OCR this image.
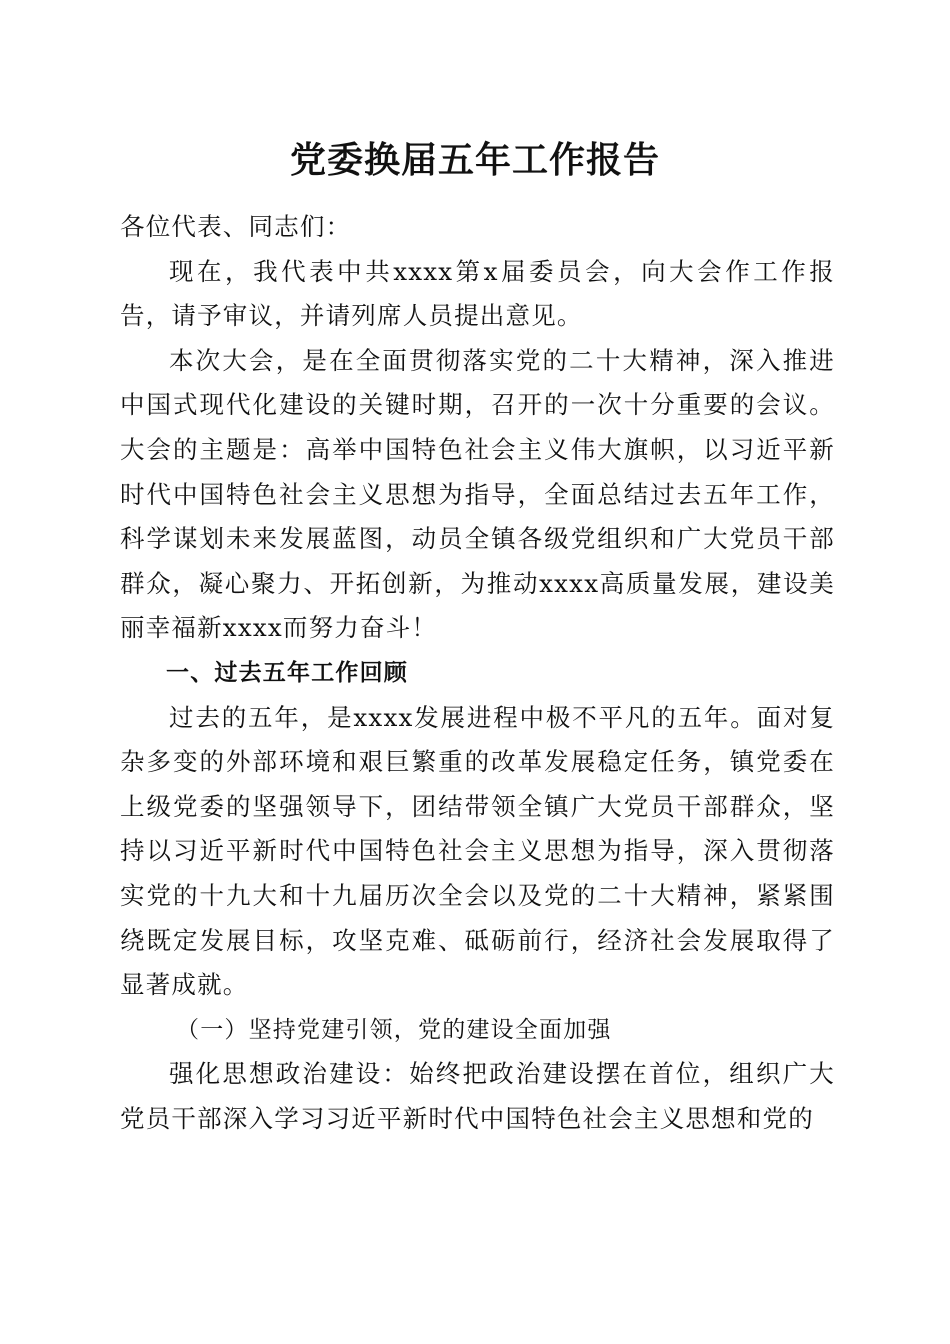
党委换届五年工作报告

各位代表、同志们：

现在，我代表中共xxxx第x届委员会，向大会作工作报告，请予审议，并请列席人员提出意见。

本次大会，是在全面贯彻落实党的二十大精神，深入推进中国式现代化建设的关键时期，召开的一次十分重要的会议。大会的主题是：高举中国特色社会主义伟大旗帜，以习近平新时代中国特色社会主义思想为指导，全面总结过去五年工作，科学谋划未来发展蓝图，动员全镇各级党组织和广大党员干部群众，凝心聚力、开拓创新，为推动xxxx高质量发展，建设美丽幸福新xxxx而努力奋斗！

一、过去五年工作回顾

过去的五年，是xxxx发展进程中极不平凡的五年。面对复杂多变的外部环境和艰巨繁重的改革发展稳定任务，镇党委在上级党委的坚强领导下，团结带领全镇广大党员干部群众，坚持以习近平新时代中国特色社会主义思想为指导，深入贯彻落实党的十九大和十九届历次全会以及党的二十大精神，紧紧围绕既定发展目标，攻坚克难、砥砺前行，经济社会发展取得了显著成就。

（一）坚持党建引领，党的建设全面加强

强化思想政治建设：始终把政治建设摆在首位，组织广大党员干部深入学习习近平新时代中国特色社会主义思想和党的
